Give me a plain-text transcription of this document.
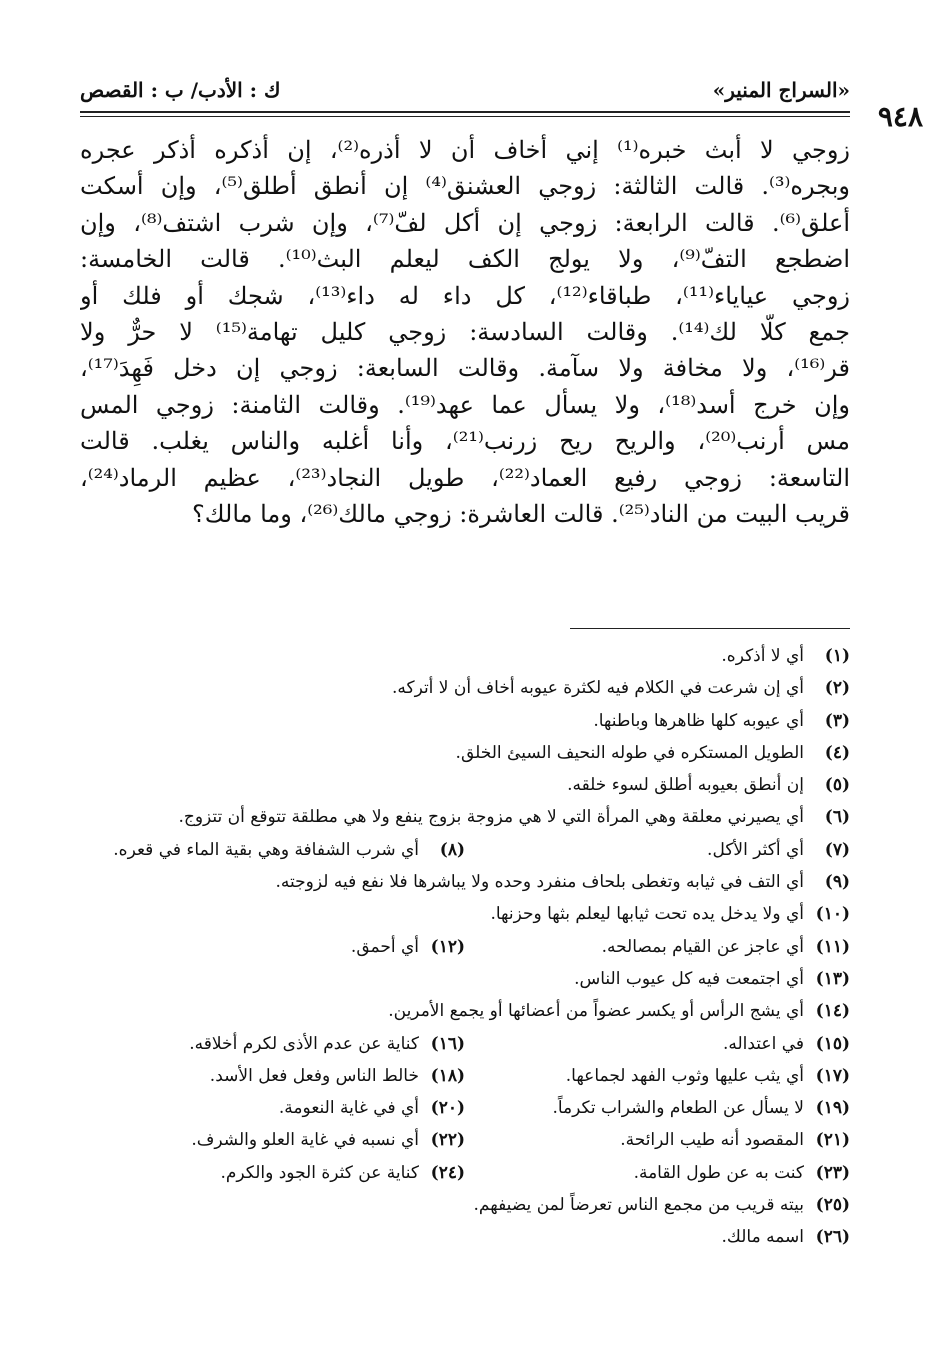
«السراج المنير»
ك : الأدب/ ب : القصص
٩٤٨
زوجي لا أبث خبره⁽¹⁾ إني أخاف أن لا أذره⁽²⁾، إن أذكره أذكر عجره
وبجره⁽³⁾. قالت الثالثة: زوجي العشنق⁽⁴⁾ إن أنطق أطلق⁽⁵⁾، وإن أسكت
أعلق⁽⁶⁾. قالت الرابعة: زوجي إن أكل لفّ⁽⁷⁾، وإن شرب اشتف⁽⁸⁾، وإن
اضطجع التفّ⁽⁹⁾، ولا يولج الكف ليعلم البث⁽¹⁰⁾. قالت الخامسة:
زوجي عياياء⁽¹¹⁾، طباقاء⁽¹²⁾، كل داء له داء⁽¹³⁾، شجك أو فلك أو
جمع كلّا لك⁽¹⁴⁾. وقالت السادسة: زوجي كليل تهامة⁽¹⁵⁾ لا حرٌّ ولا
قر⁽¹⁶⁾، ولا مخافة ولا سآمة. وقالت السابعة: زوجي إن دخل فَهِدَ⁽¹⁷⁾،
وإن خرج أسد⁽¹⁸⁾، ولا يسأل عما عهد⁽¹⁹⁾. وقالت الثامنة: زوجي المس
مس أرنب⁽²⁰⁾، والريح ريح زرنب⁽²¹⁾، وأنا أغلبه والناس يغلب. قالت
التاسعة: زوجي رفيع العماد⁽²²⁾، طويل النجاد⁽²³⁾، عظيم الرماد⁽²⁴⁾،
قريب البيت من الناد⁽²⁵⁾. قالت العاشرة: زوجي مالك⁽²⁶⁾، وما مالك؟
(١)أي لا أذكره.
(٢)أي إن شرعت في الكلام فيه لكثرة عيوبه أخاف أن لا أتركه.
(٣)أي عيوبه كلها ظاهرها وباطنها.
(٤)الطويل المستكره في طوله النحيف السيئ الخلق.
(٥)إن أنطق بعيوبه أطلق لسوء خلقه.
(٦)أي يصيرني معلقة وهي المرأة التي لا هي مزوجة بزوج ينفع ولا هي مطلقة تتوقع أن تتزوج.
(٧)أي أكثر الأكل.
(٨)أي شرب الشفافة وهي بقية الماء في قعره.
(٩)أي التف في ثيابه وتغطى بلحاف منفرد وحده ولا يباشرها فلا نفع فيه لزوجته.
(١٠)أي ولا يدخل يده تحت ثيابها ليعلم بثها وحزنها.
(١١)أي عاجز عن القيام بمصالحه.
(١٢)أي أحمق.
(١٣)أي اجتمعت فيه كل عيوب الناس.
(١٤)أي يشج الرأس أو يكسر عضواً من أعضائها أو يجمع الأمرين.
(١٥)في اعتداله.
(١٦)كناية عن عدم الأذى لكرم أخلاقه.
(١٧)أي يثب عليها وثوب الفهد لجماعها.
(١٨)خالط الناس وفعل فعل الأسد.
(١٩)لا يسأل عن الطعام والشراب تكرماً.
(٢٠)أي في غاية النعومة.
(٢١)المقصود أنه طيب الرائحة.
(٢٢)أي نسبه في غاية العلو والشرف.
(٢٣)كنت به عن طول القامة.
(٢٤)كناية عن كثرة الجود والكرم.
(٢٥)بيته قريب من مجمع الناس تعرضاً لمن يضيفهم.
(٢٦)اسمه مالك.
